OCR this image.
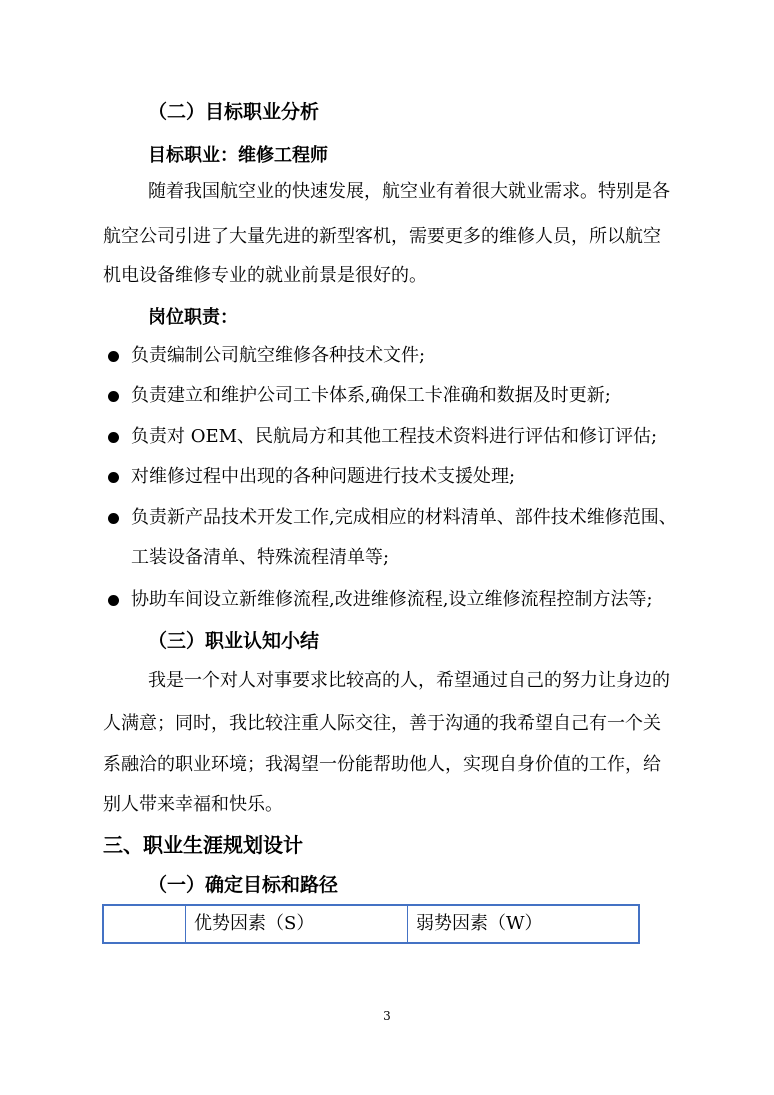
（二）目标职业分析
目标职业：维修工程师
随着我国航空业的快速发展，航空业有着很大就业需求。特别是各
航空公司引进了大量先进的新型客机，需要更多的维修人员，所以航空
机电设备维修专业的就业前景是很好的。
岗位职责：
负责编制公司航空维修各种技术文件;
负责建立和维护公司工卡体系,确保工卡准确和数据及时更新;
负责对 OEM、民航局方和其他工程技术资料进行评估和修订评估;
对维修过程中出现的各种问题进行技术支援处理;
负责新产品技术开发工作,完成相应的材料清单、部件技术维修范围、
工装设备清单、特殊流程清单等;
协助车间设立新维修流程,改进维修流程,设立维修流程控制方法等;
（三）职业认知小结
我是一个对人对事要求比较高的人，希望通过自己的努力让身边的
人满意；同时，我比较注重人际交往，善于沟通的我希望自己有一个关
系融洽的职业环境；我渴望一份能帮助他人，实现自身价值的工作，给
别人带来幸福和快乐。
三、职业生涯规划设计
（一）确定目标和路径
优势因素（S）	弱势因素（W）
3
